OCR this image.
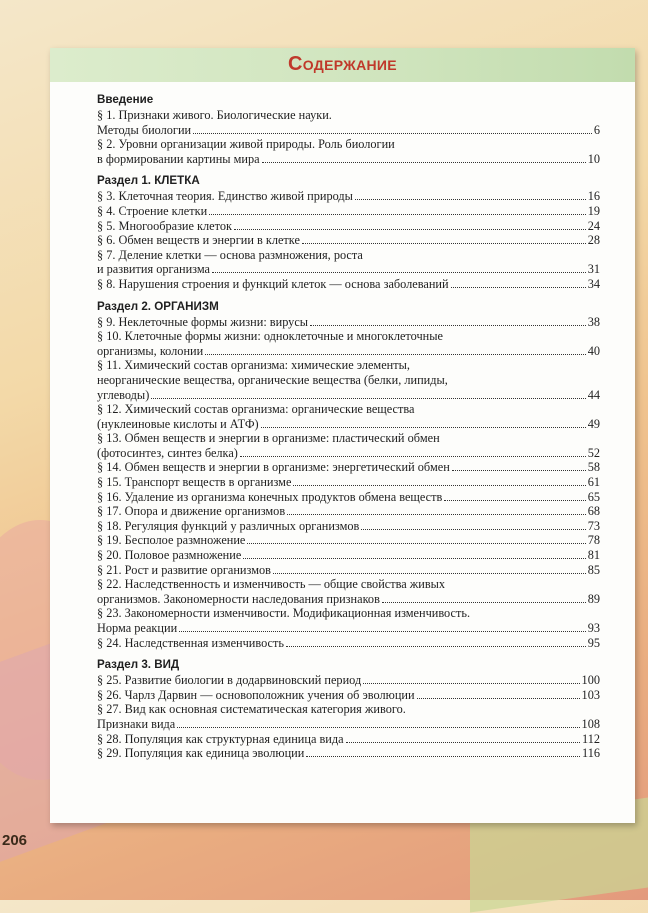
Содержание
Введение
§ 1. Признаки живого. Биологические науки.
Методы биологии	6
§ 2. Уровни организации живой природы. Роль биологии
в формировании картины мира	10
Раздел 1. КЛЕТКА
§ 3. Клеточная теория. Единство живой природы	16
§ 4. Строение клетки	19
§ 5. Многообразие клеток	24
§ 6. Обмен веществ и энергии в клетке	28
§ 7. Деление клетки — основа размножения, роста
и развития организма	31
§ 8. Нарушения строения и функций клеток — основа заболеваний	34
Раздел 2. ОРГАНИЗМ
§ 9. Неклеточные формы жизни: вирусы	38
§ 10. Клеточные формы жизни: одноклеточные и многоклеточные
организмы, колонии	40
§ 11. Химический состав организма: химические элементы,
неорганические вещества, органические вещества (белки, липиды,
углеводы)	44
§ 12. Химический состав организма: органические вещества
(нуклеиновые кислоты и АТФ)	49
§ 13. Обмен веществ и энергии в организме: пластический обмен
(фотосинтез, синтез белка)	52
§ 14. Обмен веществ и энергии в организме: энергетический обмен	58
§ 15. Транспорт веществ в организме	61
§ 16. Удаление из организма конечных продуктов обмена веществ	65
§ 17. Опора и движение организмов	68
§ 18. Регуляция функций у различных организмов	73
§ 19. Бесполое размножение	78
§ 20. Половое размножение	81
§ 21. Рост и развитие организмов	85
§ 22. Наследственность и изменчивость — общие свойства живых
организмов. Закономерности наследования признаков	89
§ 23. Закономерности изменчивости. Модификационная изменчивость.
Норма реакции	93
§ 24. Наследственная изменчивость	95
Раздел 3. ВИД
§ 25. Развитие биологии в додарвиновский период	100
§ 26. Чарлз Дарвин — основоположник учения об эволюции	103
§ 27. Вид как основная систематическая категория живого.
Признаки вида	108
§ 28. Популяция как структурная единица вида	112
§ 29. Популяция как единица эволюции	116
206
